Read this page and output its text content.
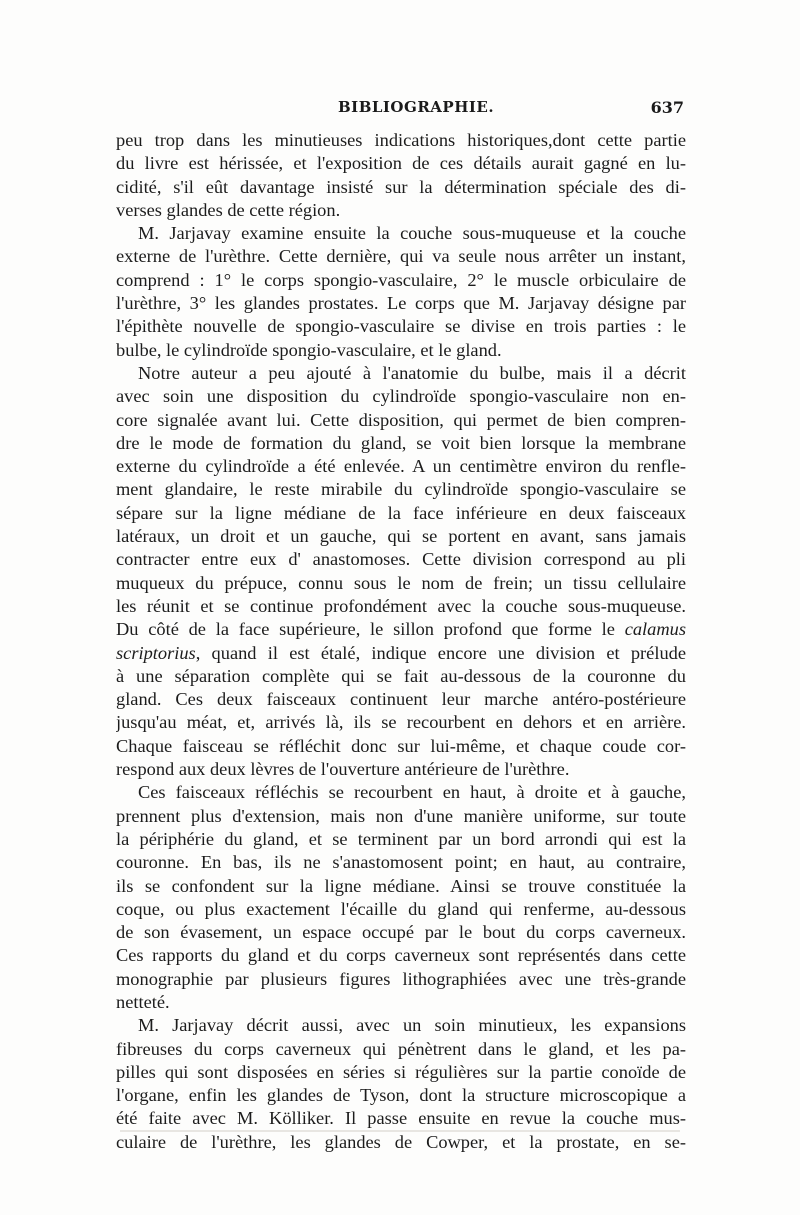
BIBLIOGRAPHIE.	637
peu trop dans les minutieuses indications historiques,dont cette partie
du livre est hérissée, et l'exposition de ces détails aurait gagné en lu-
cidité, s'il eût davantage insisté sur la détermination spéciale des di-
verses glandes de cette région.
M. Jarjavay examine ensuite la couche sous-muqueuse et la couche
externe de l'urèthre. Cette dernière, qui va seule nous arrêter un instant,
comprend : 1° le corps spongio-vasculaire, 2° le muscle orbiculaire de
l'urèthre, 3° les glandes prostates. Le corps que M. Jarjavay désigne par
l'épithète nouvelle de spongio-vasculaire se divise en trois parties : le
bulbe, le cylindroïde spongio-vasculaire, et le gland.
Notre auteur a peu ajouté à l'anatomie du bulbe, mais il a décrit
avec soin une disposition du cylindroïde spongio-vasculaire non en-
core signalée avant lui. Cette disposition, qui permet de bien compren-
dre le mode de formation du gland, se voit bien lorsque la membrane
externe du cylindroïde a été enlevée. A un centimètre environ du renfle-
ment glandaire, le reste mirabile du cylindroïde spongio-vasculaire se
sépare sur la ligne médiane de la face inférieure en deux faisceaux
latéraux, un droit et un gauche, qui se portent en avant, sans jamais
contracter entre eux d' anastomoses. Cette division correspond au pli
muqueux du prépuce, connu sous le nom de frein; un tissu cellulaire
les réunit et se continue profondément avec la couche sous-muqueuse.
Du côté de la face supérieure, le sillon profond que forme le calamus
scriptorius, quand il est étalé, indique encore une division et prélude
à une séparation complète qui se fait au-dessous de la couronne du
gland. Ces deux faisceaux continuent leur marche antéro-postérieure
jusqu'au méat, et, arrivés là, ils se recourbent en dehors et en arrière.
Chaque faisceau se réfléchit donc sur lui-même, et chaque coude cor-
respond aux deux lèvres de l'ouverture antérieure de l'urèthre.
Ces faisceaux réfléchis se recourbent en haut, à droite et à gauche,
prennent plus d'extension, mais non d'une manière uniforme, sur toute
la périphérie du gland, et se terminent par un bord arrondi qui est la
couronne. En bas, ils ne s'anastomosent point; en haut, au contraire,
ils se confondent sur la ligne médiane. Ainsi se trouve constituée la
coque, ou plus exactement l'écaille du gland qui renferme, au-dessous
de son évasement, un espace occupé par le bout du corps caverneux.
Ces rapports du gland et du corps caverneux sont représentés dans cette
monographie par plusieurs figures lithographiées avec une très-grande
netteté.
M. Jarjavay décrit aussi, avec un soin minutieux, les expansions
fibreuses du corps caverneux qui pénètrent dans le gland, et les pa-
pilles qui sont disposées en séries si régulières sur la partie conoïde de
l'organe, enfin les glandes de Tyson, dont la structure microscopique a
été faite avec M. Kölliker. Il passe ensuite en revue la couche mus-
culaire de l'urèthre, les glandes de Cowper, et la prostate, en se-
